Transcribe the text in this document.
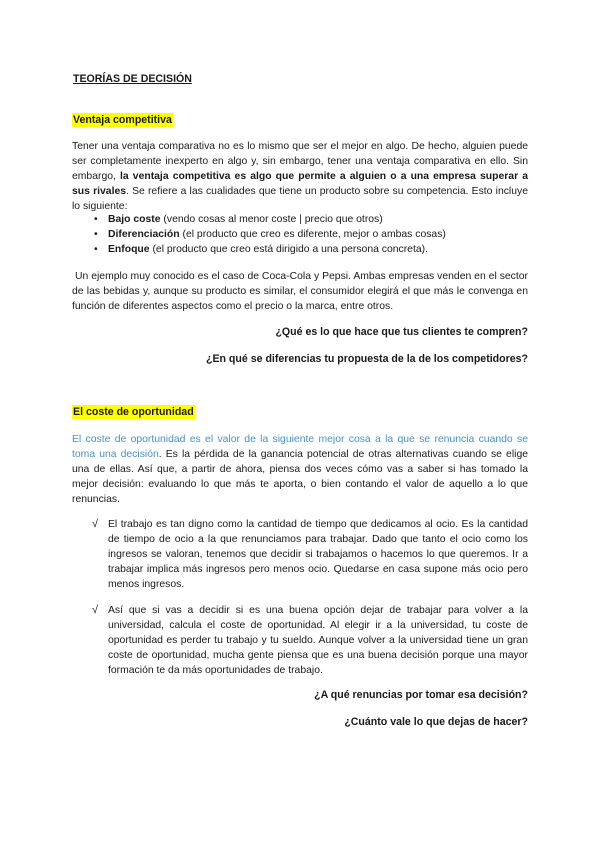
TEORÍAS DE DECISIÓN
Ventaja competitiva

Tener una ventaja comparativa no es lo mismo que ser el mejor en algo. De hecho, alguien puede ser completamente inexperto en algo y, sin embargo, tener una ventaja comparativa en ello. Sin embargo, la ventaja competitiva es algo que permite a alguien o a una empresa superar a sus rivales. Se refiere a las cualidades que tiene un producto sobre su competencia. Esto incluye lo siguiente:

• Bajo coste (vendo cosas al menor coste | precio que otros)
• Diferenciación (el producto que creo es diferente, mejor o ambas cosas)
• Enfoque (el producto que creo está dirigido a una persona concreta).

Un ejemplo muy conocido es el caso de Coca-Cola y Pepsi. Ambas empresas venden en el sector de las bebidas y, aunque su producto es similar, el consumidor elegirá el que más le convenga en función de diferentes aspectos como el precio o la marca, entre otros.

¿Qué es lo que hace que tus clientes te compren?
¿En qué se diferencias tu propuesta de la de los competidores?
El coste de oportunidad

El coste de oportunidad es el valor de la siguiente mejor cosa a la que se renuncia cuando se toma una decisión. Es la pérdida de la ganancia potencial de otras alternativas cuando se elige una de ellas. Así que, a partir de ahora, piensa dos veces cómo vas a saber si has tomado la mejor decisión: evaluando lo que más te aporta, o bien contando el valor de aquello a lo que renuncias.

√ El trabajo es tan digno como la cantidad de tiempo que dedicamos al ocio. Es la cantidad de tiempo de ocio a la que renunciamos para trabajar. Dado que tanto el ocio como los ingresos se valoran, tenemos que decidir si trabajamos o hacemos lo que queremos. Ir a trabajar implica más ingresos pero menos ocio. Quedarse en casa supone más ocio pero menos ingresos.

√ Así que si vas a decidir si es una buena opción dejar de trabajar para volver a la universidad, calcula el coste de oportunidad. Al elegir ir a la universidad, tu coste de oportunidad es perder tu trabajo y tu sueldo. Aunque volver a la universidad tiene un gran coste de oportunidad, mucha gente piensa que es una buena decisión porque una mayor formación te da más oportunidades de trabajo.

¿A qué renuncias por tomar esa decisión?
¿Cuánto vale lo que dejas de hacer?
